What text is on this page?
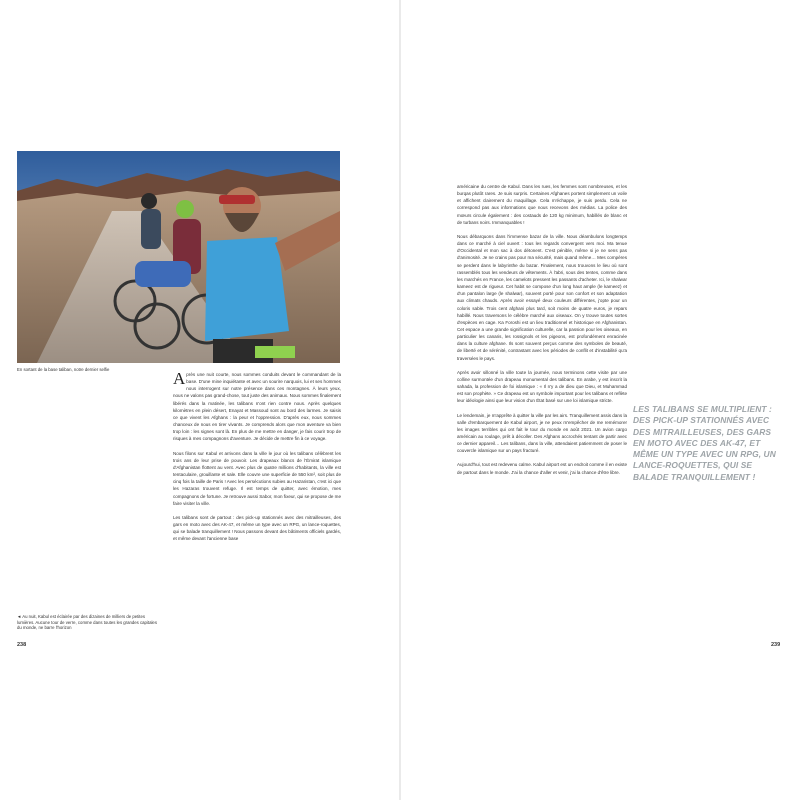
En sortant de la base taliban, notre dernier selfie
◄ Au nuit, Kabul est éclairée par des dizaines de milliers de petites lumières. Aucune tour de verre, comme dans toutes les grandes capitales du monde, ne barre l'horizon
238	239

Après une nuit courte, nous sommes conduits devant le commandant de la base. D'une mine inquiétante et avec un sourire narquois, lui et ses hommes nous interrogent sur notre présence dans ces montagnes. À leurs yeux, nous ne valons pas grand-chose, tout juste des animaux. Nous sommes finalement libérés dans la matinée, les talibans n'ont rien contre nous. Après quelques kilomètres en plein désert, Enayat et Massoud sont au bord des larmes. Je saisis ce que vivent les Afghans : la peur et l'oppression. D'après eux, nous sommes chanceux de nous en tirer vivants. Je comprends alors que mon aventure va bien trop loin : les signes sont là. En plus de me mettre en danger, je fais courir trop de risques à mes compagnons d'aventure. Je décide de mettre fin à ce voyage.

Nous filons sur Kabul et arrivons dans la ville le jour où les talibans célèbrent les trois ans de leur prise de pouvoir. Les drapeaux blancs de l'Émirat islamique d'Afghanistan flottent au vent. Avec plus de quatre millions d'habitants, la ville est tentaculaire, grouillante et sale. Elle couvre une superficie de 550 km², soit plus de cinq fois la taille de Paris ! Avec les persécutions subies au Hazaristan, c'est ici que les Hazaras trouvent refuge. Il est temps de quitter, avec émotion, mes compagnons de fortune. Je retrouve aussi Sabor, mon fixeur, qui se propose de me faire visiter la ville.

Les talibans sont de partout : des pick-up stationnés avec des mitrailleuses, des gars en moto avec des AK-47, et même un type avec un RPG, un lance-roquettes, qui se balade tranquillement ! Nous passons devant des bâtiments officiels gardés, et même devant l'ancienne base

américaine du centre de Kabul. Dans les rues, les femmes sont nombreuses, et les burqas plutôt rares. Je suis surpris. Certaines Afghanes portent simplement un voile et affichent clairement du maquillage. Cela m'échappe, je suis perdu. Cela ne correspond pas aux informations que nous recevons des médias. La police des mœurs circule également : des costauds de 120 kg minimum, habillés de blanc et de turbans noirs. Immanquables !

Nous débarquons dans l'immense bazar de la ville. Nous déambulons longtemps dans ce marché à ciel ouvert : tous les regards convergent vers moi. Ma tenue d'Occidental et mon sac à dos détonent. C'est pénible, même si je ne sens pas d'animosité. Je ne crains pas pour ma sécurité, mais quand même… Mes compères se perdent dans le labyrinthe du bazar. Finalement, nous trouvons le lieu où sont rassemblés tous les vendeurs de vêtements. À l'abri, sous des tentes, comme dans les marchés en France, les camelots pressent les passants d'acheter. Ici, le shalwar kameez est de rigueur. Cet habit se compose d'un long haut ample (le kameez) et d'un pantalon large (le shalwar), souvent porté pour son confort et son adaptation aux climats chauds. Après avoir essayé deux couleurs différentes, j'opte pour un coloris sable. Trois cent afghani plus tard, soit moins de quatre euros, je repars habillé. Nous traversons le célèbre marché aux oiseaux. On y trouve toutes sortes d'espèces en cage. Ka Foroshi est un lieu traditionnel et historique en Afghanistan. Cet espace a une grande signification culturelle, car la passion pour les oiseaux, en particulier les canaris, les rossignols et les pigeons, est profondément enracinée dans la culture afghane. Ils sont souvent perçus comme des symboles de beauté, de liberté et de sérénité, contrastant avec les périodes de conflit et d'instabilité qu'a traversées le pays.

Après avoir sillonné la ville toute la journée, nous terminons cette visite par une colline surmontée d'un drapeau monumental des talibans. En arabe, y est inscrit la sahada, la profession de foi islamique : « Il n'y a de dieu que Dieu, et Muhammad est son prophète. » Ce drapeau est un symbole important pour les talibans et reflète leur idéologie ainsi que leur vision d'un État basé sur une loi islamique stricte.

Le lendemain, je m'apprête à quitter la ville par les airs. Tranquillement assis dans la salle d'embarquement de Kabul airport, je ne peux m'empêcher de me remémorer les images terribles qui ont fait le tour du monde en août 2021. Un avion cargo américain au roulage, prêt à décoller. Des Afghans accrochés tentant de partir avec ce dernier appareil… Les talibans, dans la ville, attendaient patiemment de poser le couvercle islamique sur un pays fracturé.

Aujourd'hui, tout est redevenu calme. Kabul airport est un endroit comme il en existe de partout dans le monde. J'ai la chance d'aller et venir, j'ai la chance d'être libre.

LES TALIBANS SE MULTIPLIENT : DES PICK-UP STATIONNÉS AVEC DES MITRAILLEUSES, DES GARS EN MOTO AVEC DES AK-47, ET MÊME UN TYPE AVEC UN RPG, UN LANCE-ROQUETTES, QUI SE BALADE TRANQUILLEMENT !
